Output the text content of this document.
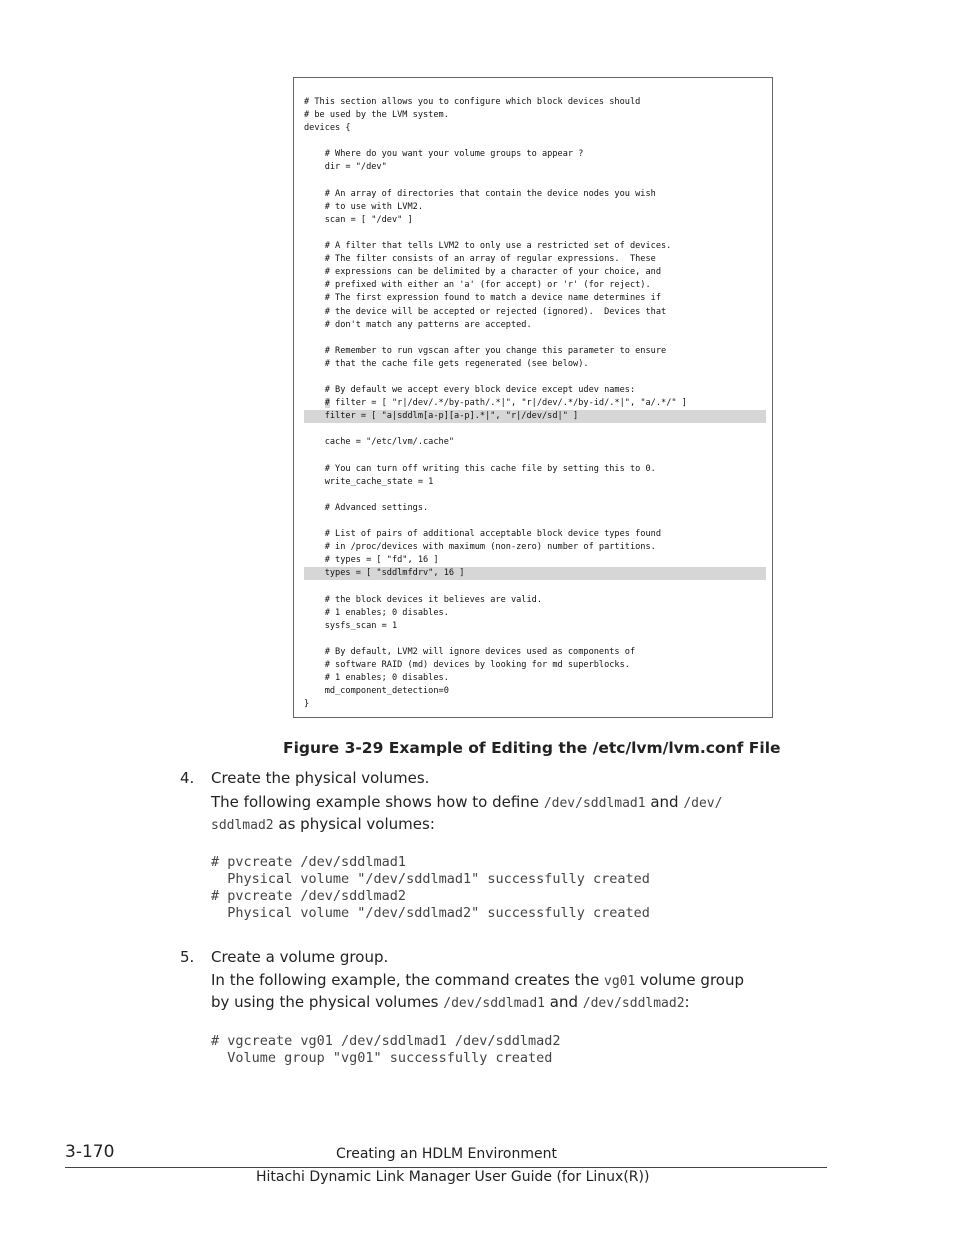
# This section allows you to configure which block devices should
# be used by the LVM system.
devices {
# Where do you want your volume groups to appear ?
dir = "/dev"
# An array of directories that contain the device nodes you wish
# to use with LVM2.
scan = [ "/dev" ]
# A filter that tells LVM2 to only use a restricted set of devices.
# The filter consists of an array of regular expressions.  These
# expressions can be delimited by a character of your choice, and
# prefixed with either an 'a' (for accept) or 'r' (for reject).
# The first expression found to match a device name determines if
# the device will be accepted or rejected (ignored).  Devices that
# don't match any patterns are accepted.
# Remember to run vgscan after you change this parameter to ensure
# that the cache file gets regenerated (see below).
# By default we accept every block device except udev names:
# filter = [ "r|/dev/.*/by-path/.*|", "r|/dev/.*/by-id/.*|", "a/.*/" ]
filter = [ "a|sddlm[a-p][a-p].*|", "r|/dev/sd|" ]
cache = "/etc/lvm/.cache"
# You can turn off writing this cache file by setting this to 0.
write_cache_state = 1
# Advanced settings.
# List of pairs of additional acceptable block device types found
# in /proc/devices with maximum (non-zero) number of partitions.
# types = [ "fd", 16 ]
types = [ "sddlmfdrv", 16 ]
# the block devices it believes are valid.
# 1 enables; 0 disables.
sysfs_scan = 1
# By default, LVM2 will ignore devices used as components of
# software RAID (md) devices by looking for md superblocks.
# 1 enables; 0 disables.
md_component_detection=0
}
Figure 3-29 Example of Editing the /etc/lvm/lvm.conf File
4. Create the physical volumes.
The following example shows how to define /dev/sddlmad1 and /dev/
sddlmad2 as physical volumes:
# pvcreate /dev/sddlmad1
Physical volume "/dev/sddlmad1" successfully created
# pvcreate /dev/sddlmad2
Physical volume "/dev/sddlmad2" successfully created
5. Create a volume group.
In the following example, the command creates the vg01 volume group
by using the physical volumes /dev/sddlmad1 and /dev/sddlmad2:
# vgcreate vg01 /dev/sddlmad1 /dev/sddlmad2
Volume group "vg01" successfully created
3-170	Creating an HDLM Environment
Hitachi Dynamic Link Manager User Guide (for Linux(R))
